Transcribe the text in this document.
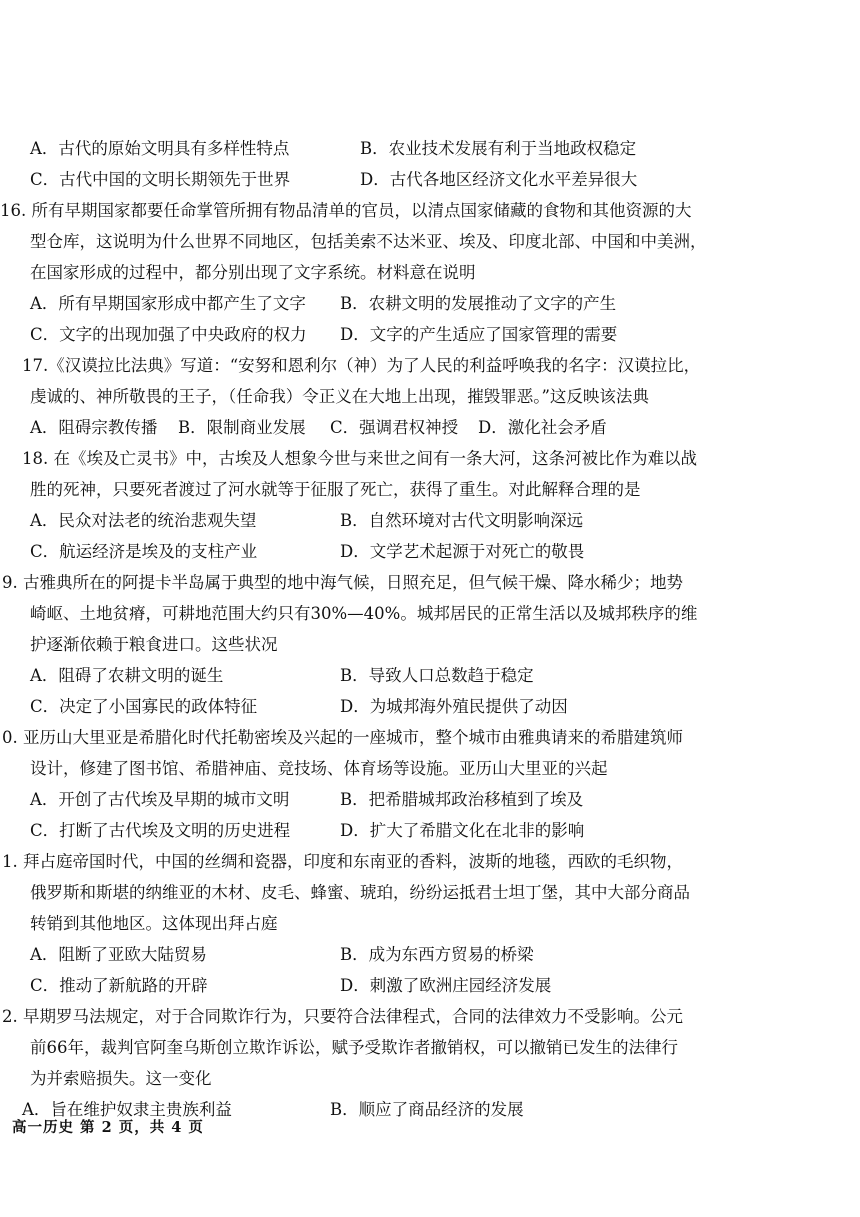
A．古代的原始文明具有多样性特点	B．农业技术发展有利于当地政权稳定
C．古代中国的文明长期领先于世界	D．古代各地区经济文化水平差异很大
16. 所有早期国家都要任命掌管所拥有物品清单的官员，以清点国家储藏的食物和其他资源的大
型仓库，这说明为什么世界不同地区，包括美索不达米亚、埃及、印度北部、中国和中美洲，
在国家形成的过程中，都分别出现了文字系统。材料意在说明
A．所有早期国家形成中都产生了文字 B．农耕文明的发展推动了文字的产生
C．文字的出现加强了中央政府的权力 D．文字的产生适应了国家管理的需要
17.《汉谟拉比法典》写道：“安努和恩利尔（神）为了人民的利益呼唤我的名字：汉谟拉比，
虔诚的、神所敬畏的王子，（任命我）令正义在大地上出现，摧毁罪恶。”这反映该法典
A．阻碍宗教传播 B．限制商业发展 C．强调君权神授 D．激化社会矛盾
18. 在《埃及亡灵书》中，古埃及人想象今世与来世之间有一条大河，这条河被比作为难以战
胜的死神，只要死者渡过了河水就等于征服了死亡，获得了重生。对此解释合理的是
A．民众对法老的统治悲观失望	B．自然环境对古代文明影响深远
C．航运经济是埃及的支柱产业	D．文学艺术起源于对死亡的敬畏
9. 古雅典所在的阿提卡半岛属于典型的地中海气候，日照充足，但气候干燥、降水稀少；地势
崎岖、土地贫瘠，可耕地范围大约只有30%—40%。城邦居民的正常生活以及城邦秩序的维
护逐渐依赖于粮食进口。这些状况
A．阻碍了农耕文明的诞生	B．导致人口总数趋于稳定
C．决定了小国寡民的政体特征	D．为城邦海外殖民提供了动因
0. 亚历山大里亚是希腊化时代托勒密埃及兴起的一座城市，整个城市由雅典请来的希腊建筑师
设计，修建了图书馆、希腊神庙、竞技场、体育场等设施。亚历山大里亚的兴起
A．开创了古代埃及早期的城市文明	B．把希腊城邦政治移植到了埃及
C．打断了古代埃及文明的历史进程	D．扩大了希腊文化在北非的影响
1. 拜占庭帝国时代，中国的丝绸和瓷器，印度和东南亚的香料，波斯的地毯，西欧的毛织物，
俄罗斯和斯堪的纳维亚的木材、皮毛、蜂蜜、琥珀，纷纷运抵君士坦丁堡，其中大部分商品
转销到其他地区。这体现出拜占庭
A．阻断了亚欧大陆贸易	B．成为东西方贸易的桥梁
C．推动了新航路的开辟	D．刺激了欧洲庄园经济发展
2. 早期罗马法规定，对于合同欺诈行为，只要符合法律程式，合同的法律效力不受影响。公元
前66年，裁判官阿奎乌斯创立欺诈诉讼，赋予受欺诈者撤销权，可以撤销已发生的法律行
为并索赔损失。这一变化
A．旨在维护奴隶主贵族利益	B．顺应了商品经济的发展
高一历史 第 2 页，共 4 页
